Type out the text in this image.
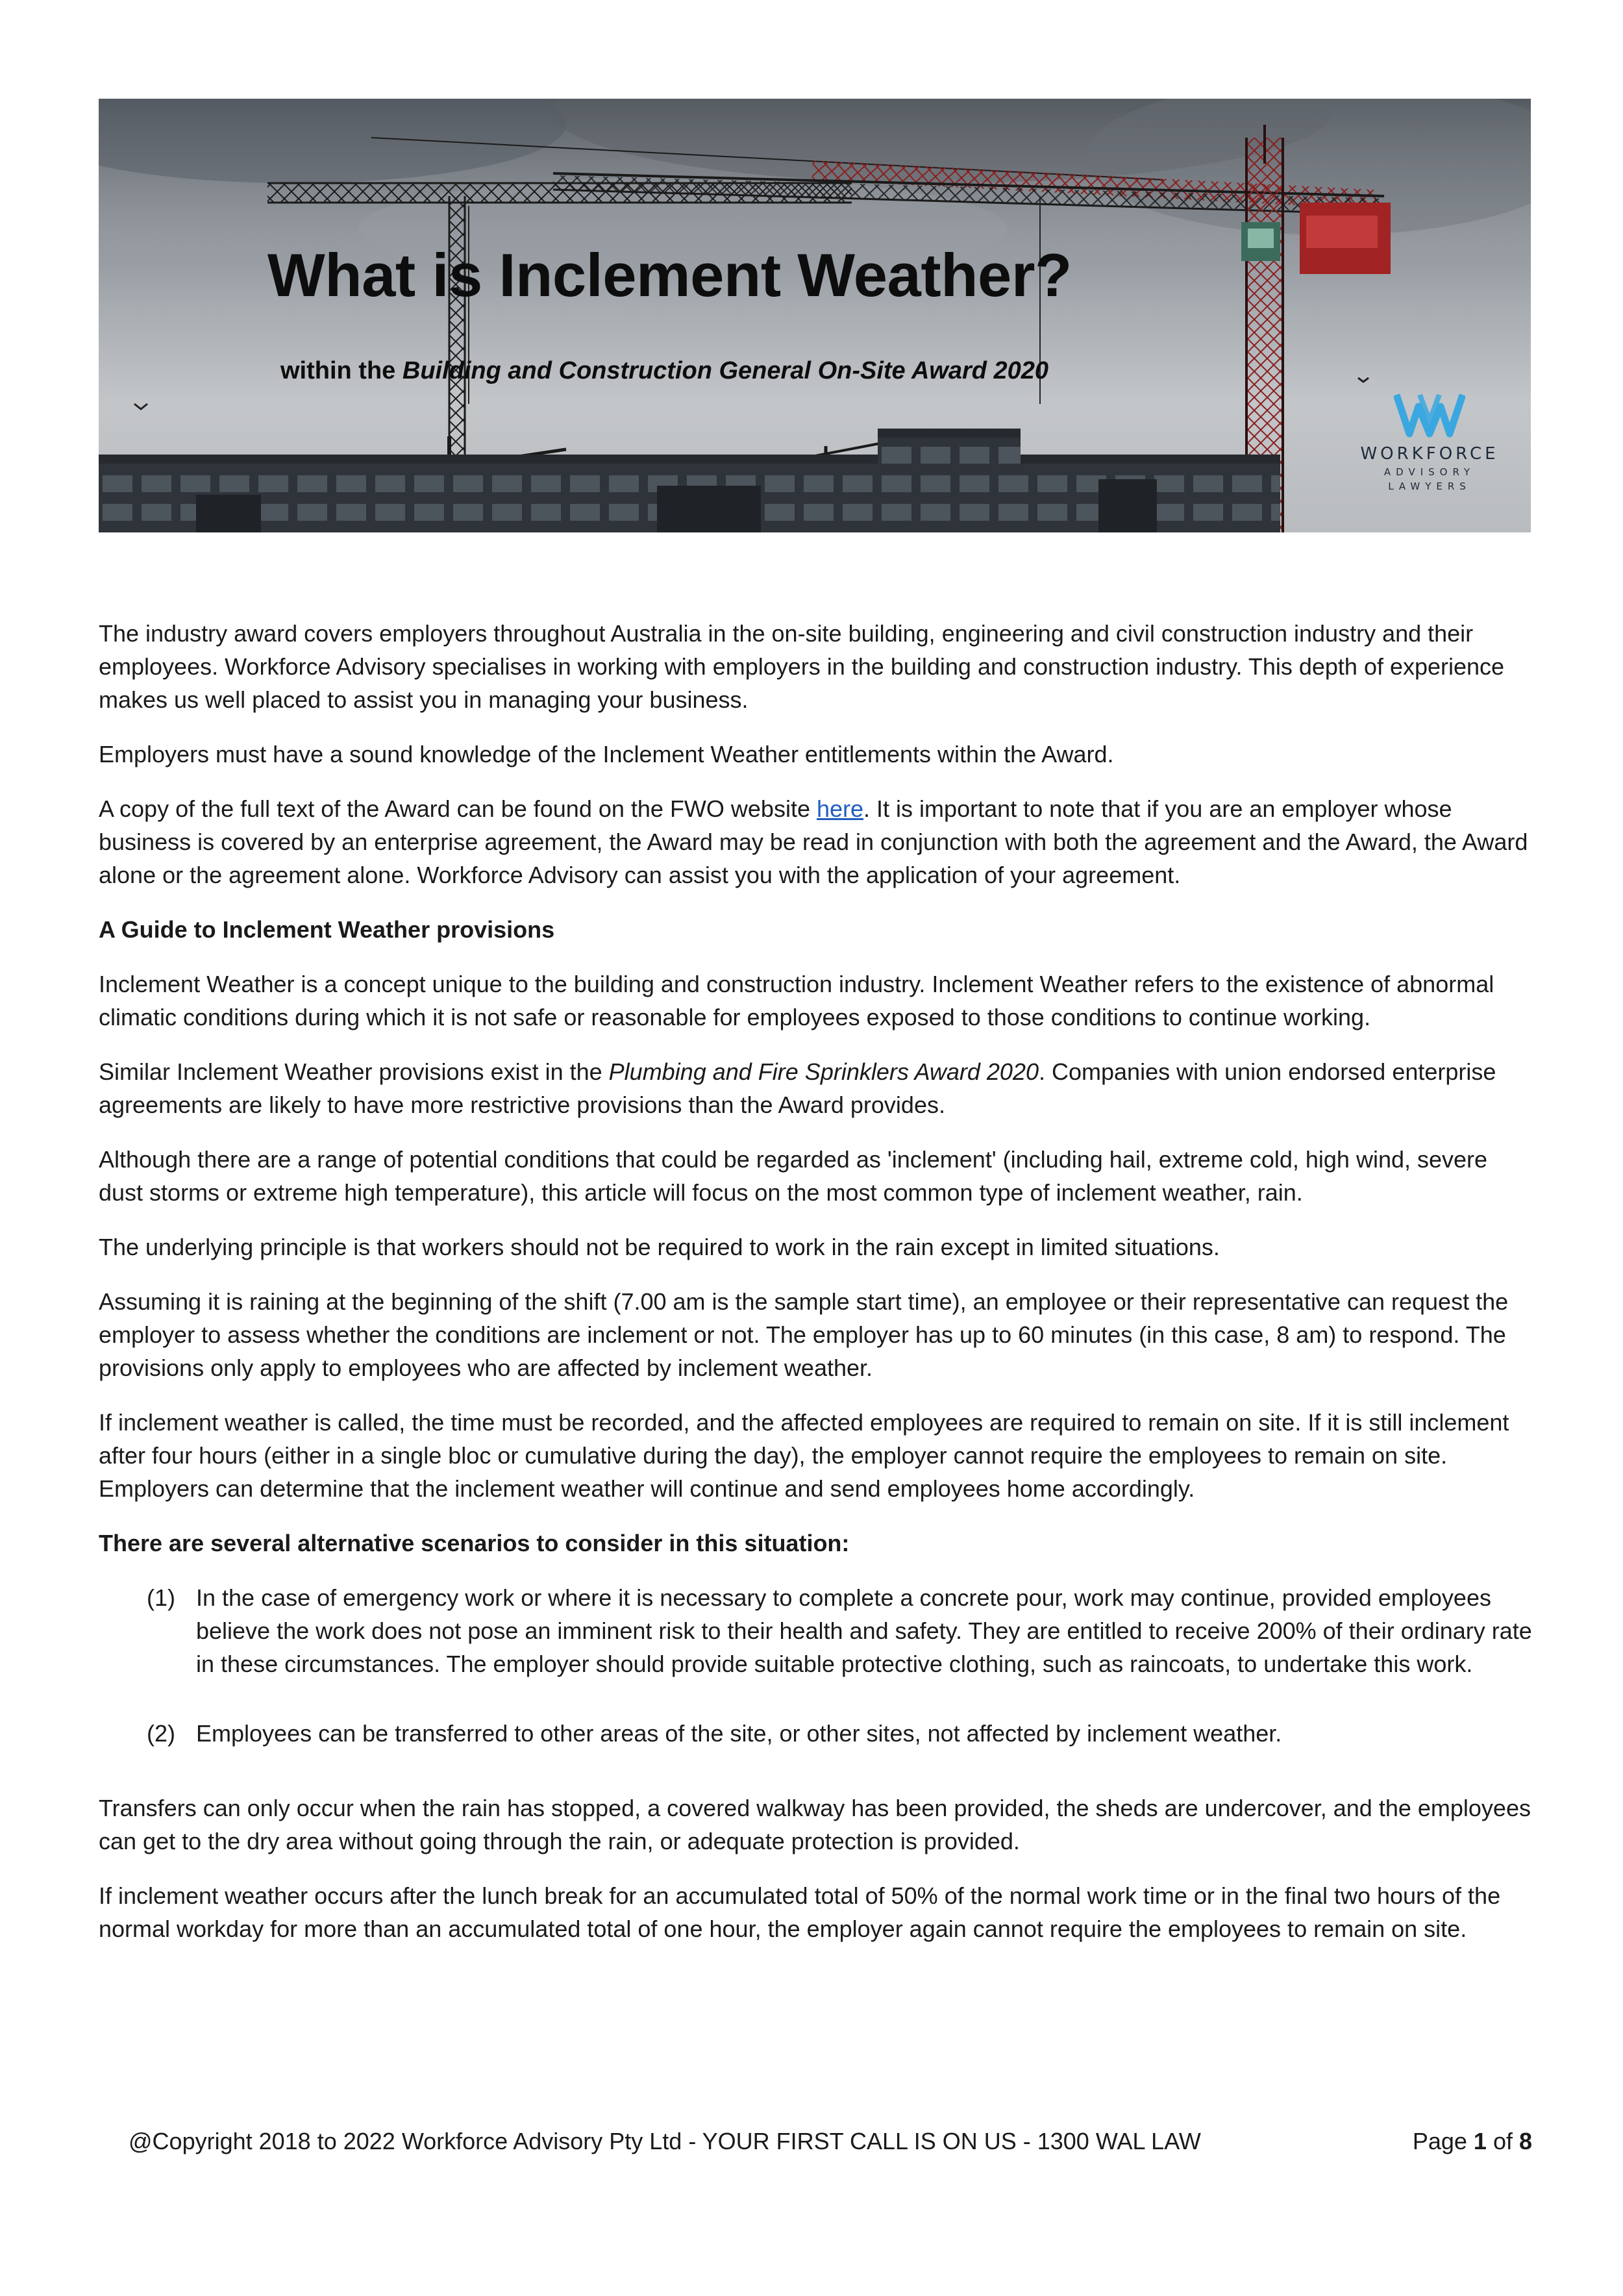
What is Inclement Weather?

within the Building and Construction General On-Site Award 2020

WORKFORCE
ADVISORY
LAWYERS

The industry award covers employers throughout Australia in the on-site building, engineering and civil construction industry and their employees. Workforce Advisory specialises in working with employers in the building and construction industry. This depth of experience makes us well placed to assist you in managing your business.

Employers must have a sound knowledge of the Inclement Weather entitlements within the Award.

A copy of the full text of the Award can be found on the FWO website here. It is important to note that if you are an employer whose business is covered by an enterprise agreement, the Award may be read in conjunction with both the agreement and the Award, the Award alone or the agreement alone. Workforce Advisory can assist you with the application of your agreement.

A Guide to Inclement Weather provisions

Inclement Weather is a concept unique to the building and construction industry. Inclement Weather refers to the existence of abnormal climatic conditions during which it is not safe or reasonable for employees exposed to those conditions to continue working.

Similar Inclement Weather provisions exist in the Plumbing and Fire Sprinklers Award 2020. Companies with union endorsed enterprise agreements are likely to have more restrictive provisions than the Award provides.

Although there are a range of potential conditions that could be regarded as 'inclement' (including hail, extreme cold, high wind, severe dust storms or extreme high temperature), this article will focus on the most common type of inclement weather, rain.

The underlying principle is that workers should not be required to work in the rain except in limited situations.

Assuming it is raining at the beginning of the shift (7.00 am is the sample start time), an employee or their representative can request the employer to assess whether the conditions are inclement or not. The employer has up to 60 minutes (in this case, 8 am) to respond. The provisions only apply to employees who are affected by inclement weather.

If inclement weather is called, the time must be recorded, and the affected employees are required to remain on site. If it is still inclement after four hours (either in a single bloc or cumulative during the day), the employer cannot require the employees to remain on site. Employers can determine that the inclement weather will continue and send employees home accordingly.

There are several alternative scenarios to consider in this situation:

(1) In the case of emergency work or where it is necessary to complete a concrete pour, work may continue, provided employees believe the work does not pose an imminent risk to their health and safety. They are entitled to receive 200% of their ordinary rate in these circumstances. The employer should provide suitable protective clothing, such as raincoats, to undertake this work.
(2) Employees can be transferred to other areas of the site, or other sites, not affected by inclement weather.

Transfers can only occur when the rain has stopped, a covered walkway has been provided, the sheds are undercover, and the employees can get to the dry area without going through the rain, or adequate protection is provided.

If inclement weather occurs after the lunch break for an accumulated total of 50% of the normal work time or in the final two hours of the normal workday for more than an accumulated total of one hour, the employer again cannot require the employees to remain on site.

@Copyright 2018 to 2022 Workforce Advisory Pty Ltd - YOUR FIRST CALL IS ON US - 1300 WAL LAW	Page 1 of 8
